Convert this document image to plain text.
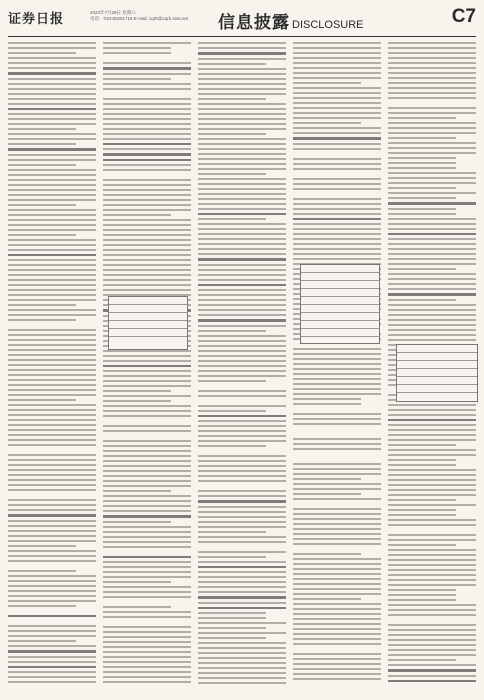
证券日报	2023年7月29日 星期六
电话：010-83251716 E-mail: zqrb@zqrb.sina.net 信息披露 DISCLOSURE	C7
